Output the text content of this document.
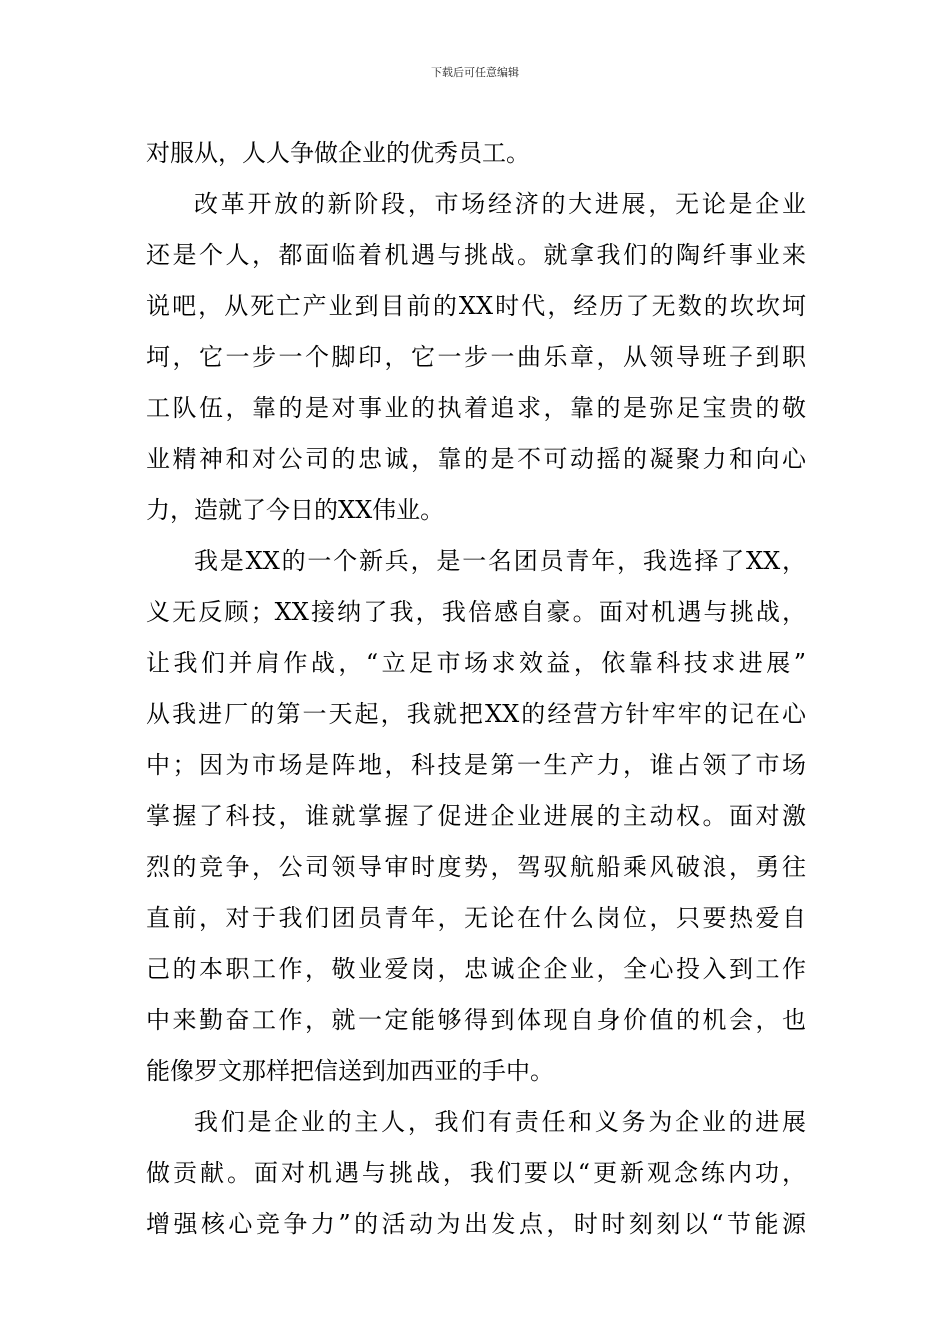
下载后可任意编辑
对服从，人人争做企业的优秀员工。
改革开放的新阶段，市场经济的大进展，无论是企业
还是个人，都面临着机遇与挑战。就拿我们的陶纤事业来
说吧，从死亡产业到目前的XX时代，经历了无数的坎坎坷
坷，它一步一个脚印，它一步一曲乐章，从领导班子到职
工队伍，靠的是对事业的执着追求，靠的是弥足宝贵的敬
业精神和对公司的忠诚，靠的是不可动摇的凝聚力和向心
力，造就了今日的XX伟业。
我是XX的一个新兵，是一名团员青年，我选择了XX，
义无反顾；XX接纳了我，我倍感自豪。面对机遇与挑战，
让我们并肩作战，“立足市场求效益，依靠科技求进展”
从我进厂的第一天起，我就把XX的经营方针牢牢的记在心
中；因为市场是阵地，科技是第一生产力，谁占领了市场
掌握了科技，谁就掌握了促进企业进展的主动权。面对激
烈的竞争，公司领导审时度势，驾驭航船乘风破浪，勇往
直前，对于我们团员青年，无论在什么岗位，只要热爱自
己的本职工作，敬业爱岗，忠诚企企业，全心投入到工作
中来勤奋工作，就一定能够得到体现自身价值的机会，也
能像罗文那样把信送到加西亚的手中。
我们是企业的主人，我们有责任和义务为企业的进展
做贡献。面对机遇与挑战，我们要以“更新观念练内功，
增强核心竞争力”的活动为出发点，时时刻刻以“节能源
